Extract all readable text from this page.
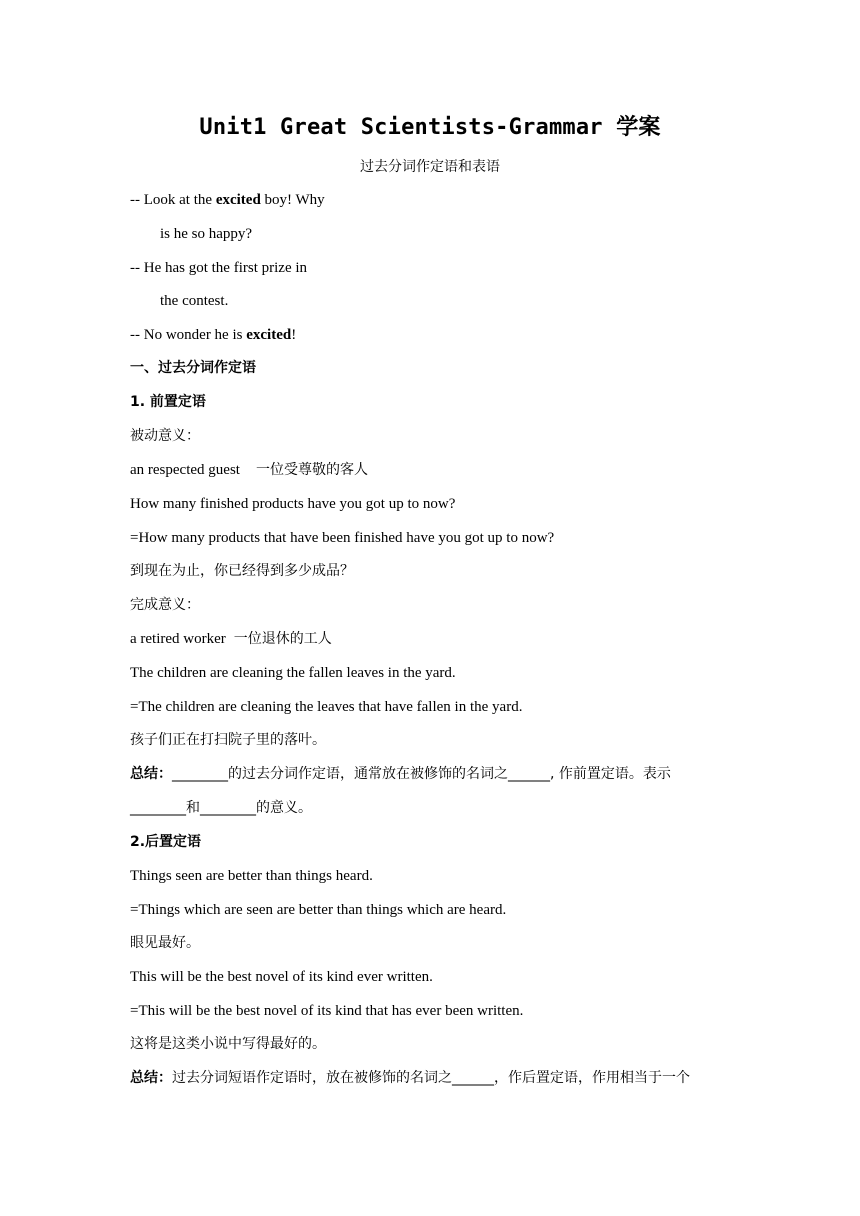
Unit1 Great Scientists-Grammar 学案
过去分词作定语和表语
-- Look at the excited boy! Why
is he so happy?
-- He has got the first prize in
the contest.
-- No wonder he is excited!
一、过去分词作定语
1. 前置定语
被动意义：
an respected guest 一位受尊敬的客人
How many finished products have you got up to now?
=How many products that have been finished have you got up to now?
到现在为止，你已经得到多少成品？
完成意义：
a retired worker 一位退休的工人
The children are cleaning the fallen leaves in the yard.
=The children are cleaning the leaves that have fallen in the yard.
孩子们正在打扫院子里的落叶。
总结：________的过去分词作定语，通常放在被修饰的名词之______, 作前置定语。表示
________和________的意义。
2.后置定语
Things seen are better than things heard.
=Things which are seen are better than things which are heard.
眼见最好。
This will be the best novel of its kind ever written.
=This will be the best novel of its kind that has ever been written.
这将是这类小说中写得最好的。
总结：过去分词短语作定语时，放在被修饰的名词之______，作后置定语，作用相当于一个
